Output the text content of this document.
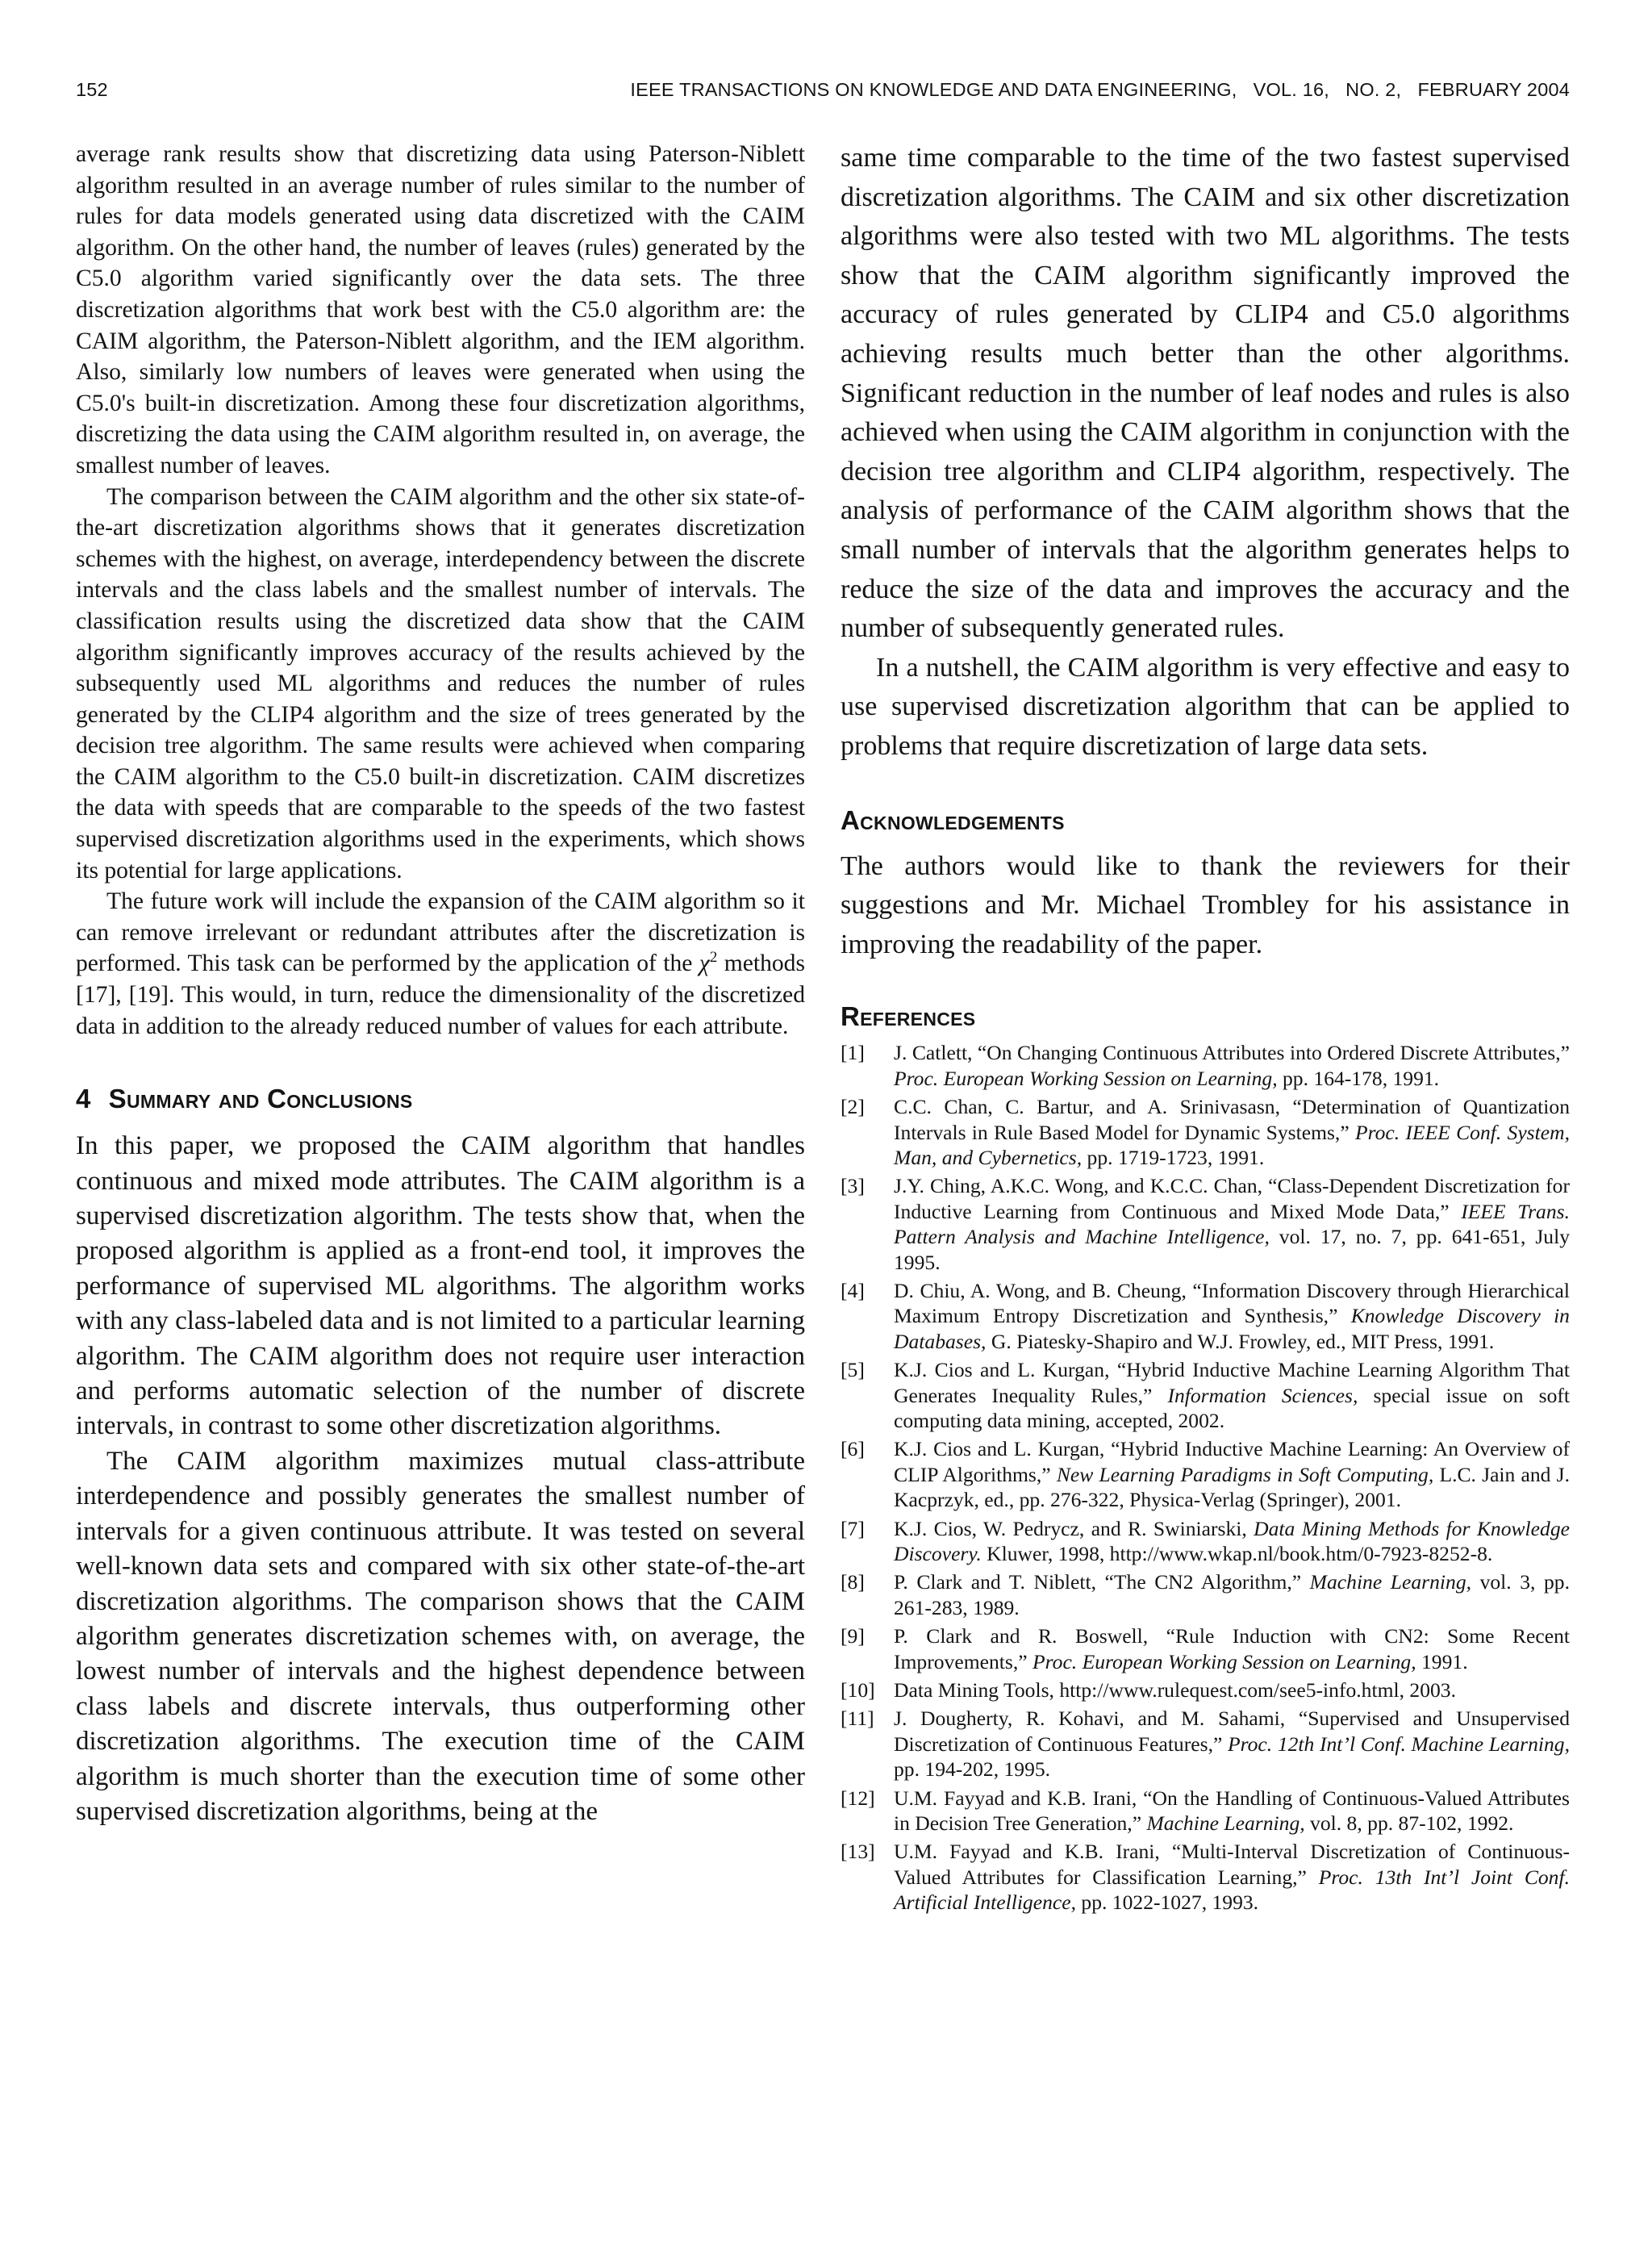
152	IEEE TRANSACTIONS ON KNOWLEDGE AND DATA ENGINEERING,   VOL. 16,   NO. 2,   FEBRUARY 2004

average rank results show that discretizing data using Paterson-Niblett algorithm resulted in an average number of rules similar to the number of rules for data models generated using data discretized with the CAIM algorithm. On the other hand, the number of leaves (rules) generated by the C5.0 algorithm varied significantly over the data sets. The three discretization algorithms that work best with the C5.0 algorithm are: the CAIM algorithm, the Paterson-Niblett algorithm, and the IEM algorithm. Also, similarly low numbers of leaves were generated when using the C5.0's built-in discretization. Among these four discretization algorithms, discretizing the data using the CAIM algorithm resulted in, on average, the smallest number of leaves.

The comparison between the CAIM algorithm and the other six state-of-the-art discretization algorithms shows that it generates discretization schemes with the highest, on average, interdependency between the discrete intervals and the class labels and the smallest number of intervals. The classification results using the discretized data show that the CAIM algorithm significantly improves accuracy of the results achieved by the subsequently used ML algorithms and reduces the number of rules generated by the CLIP4 algorithm and the size of trees generated by the decision tree algorithm. The same results were achieved when comparing the CAIM algorithm to the C5.0 built-in discretization. CAIM discretizes the data with speeds that are comparable to the speeds of the two fastest supervised discretization algorithms used in the experiments, which shows its potential for large applications.

The future work will include the expansion of the CAIM algorithm so it can remove irrelevant or redundant attributes after the discretization is performed. This task can be performed by the application of the $\chi^2$ methods [17], [19]. This would, in turn, reduce the dimensionality of the discretized data in addition to the already reduced number of values for each attribute.

4 Summary and Conclusions

In this paper, we proposed the CAIM algorithm that handles continuous and mixed mode attributes. The CAIM algorithm is a supervised discretization algorithm. The tests show that, when the proposed algorithm is applied as a front-end tool, it improves the performance of supervised ML algorithms. The algorithm works with any class-labeled data and is not limited to a particular learning algorithm. The CAIM algorithm does not require user interaction and performs automatic selection of the number of discrete intervals, in contrast to some other discretization algorithms.

The CAIM algorithm maximizes mutual class-attribute interdependence and possibly generates the smallest number of intervals for a given continuous attribute. It was tested on several well-known data sets and compared with six other state-of-the-art discretization algorithms. The comparison shows that the CAIM algorithm generates discretization schemes with, on average, the lowest number of intervals and the highest dependence between class labels and discrete intervals, thus outperforming other discretization algorithms. The execution time of the CAIM algorithm is much shorter than the execution time of some other supervised discretization algorithms, being at the

same time comparable to the time of the two fastest supervised discretization algorithms. The CAIM and six other discretization algorithms were also tested with two ML algorithms. The tests show that the CAIM algorithm significantly improved the accuracy of rules generated by CLIP4 and C5.0 algorithms achieving results much better than the other algorithms. Significant reduction in the number of leaf nodes and rules is also achieved when using the CAIM algorithm in conjunction with the decision tree algorithm and CLIP4 algorithm, respectively. The analysis of performance of the CAIM algorithm shows that the small number of intervals that the algorithm generates helps to reduce the size of the data and improves the accuracy and the number of subsequently generated rules.

In a nutshell, the CAIM algorithm is very effective and easy to use supervised discretization algorithm that can be applied to problems that require discretization of large data sets.

Acknowledgements

The authors would like to thank the reviewers for their suggestions and Mr. Michael Trombley for his assistance in improving the readability of the paper.

References
[1] J. Catlett, “On Changing Continuous Attributes into Ordered Discrete Attributes,” Proc. European Working Session on Learning, pp. 164-178, 1991.
[2] C.C. Chan, C. Bartur, and A. Srinivasasn, “Determination of Quantization Intervals in Rule Based Model for Dynamic Systems,” Proc. IEEE Conf. System, Man, and Cybernetics, pp. 1719-1723, 1991.
[3] J.Y. Ching, A.K.C. Wong, and K.C.C. Chan, “Class-Dependent Discretization for Inductive Learning from Continuous and Mixed Mode Data,” IEEE Trans. Pattern Analysis and Machine Intelligence, vol. 17, no. 7, pp. 641-651, July 1995.
[4] D. Chiu, A. Wong, and B. Cheung, “Information Discovery through Hierarchical Maximum Entropy Discretization and Synthesis,” Knowledge Discovery in Databases, G. Piatesky-Shapiro and W.J. Frowley, ed., MIT Press, 1991.
[5] K.J. Cios and L. Kurgan, “Hybrid Inductive Machine Learning Algorithm That Generates Inequality Rules,” Information Sciences, special issue on soft computing data mining, accepted, 2002.
[6] K.J. Cios and L. Kurgan, “Hybrid Inductive Machine Learning: An Overview of CLIP Algorithms,” New Learning Paradigms in Soft Computing, L.C. Jain and J. Kacprzyk, ed., pp. 276-322, Physica-Verlag (Springer), 2001.
[7] K.J. Cios, W. Pedrycz, and R. Swiniarski, Data Mining Methods for Knowledge Discovery. Kluwer, 1998, http://www.wkap.nl/book.htm/0-7923-8252-8.
[8] P. Clark and T. Niblett, “The CN2 Algorithm,” Machine Learning, vol. 3, pp. 261-283, 1989.
[9] P. Clark and R. Boswell, “Rule Induction with CN2: Some Recent Improvements,” Proc. European Working Session on Learning, 1991.
[10] Data Mining Tools, http://www.rulequest.com/see5-info.html, 2003.
[11] J. Dougherty, R. Kohavi, and M. Sahami, “Supervised and Unsupervised Discretization of Continuous Features,” Proc. 12th Int’l Conf. Machine Learning, pp. 194-202, 1995.
[12] U.M. Fayyad and K.B. Irani, “On the Handling of Continuous-Valued Attributes in Decision Tree Generation,” Machine Learning, vol. 8, pp. 87-102, 1992.
[13] U.M. Fayyad and K.B. Irani, “Multi-Interval Discretization of Continuous-Valued Attributes for Classification Learning,” Proc. 13th Int’l Joint Conf. Artificial Intelligence, pp. 1022-1027, 1993.
